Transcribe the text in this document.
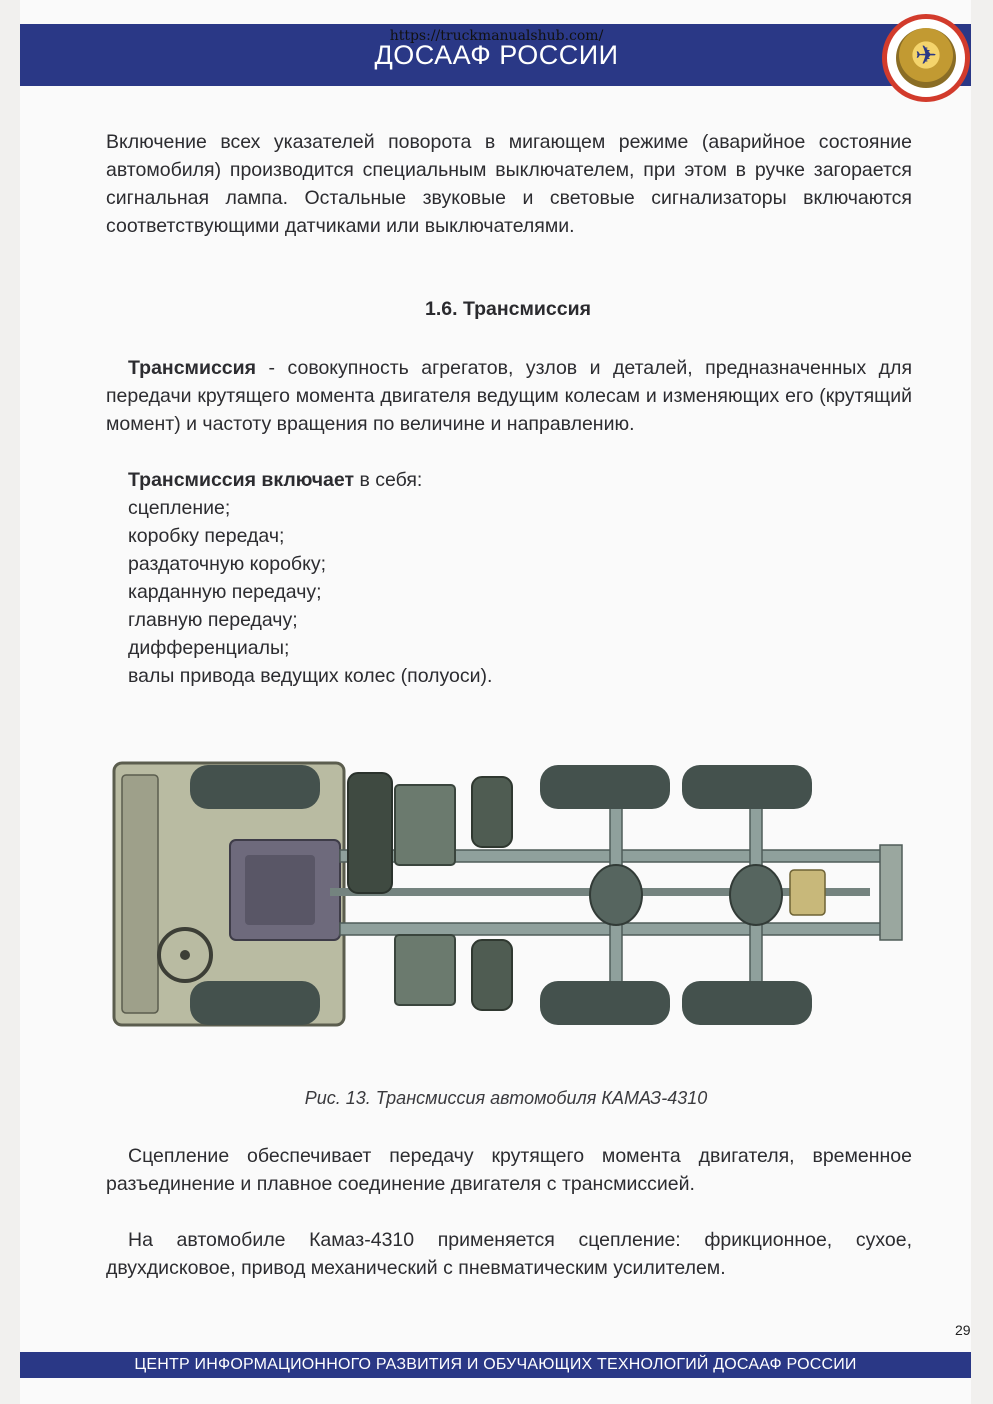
https://truckmanualshub.com/
ДОСААФ РОССИИ	✈
Включение всех указателей поворота в мигающем режиме (аварийное состояние автомобиля) производится специальным выключателем, при этом в ручке загорается сигнальная лампа. Остальные звуковые и световые сигнализаторы включаются соответствующими датчиками или выключателями.
1.6. Трансмиссия
Трансмиссия - совокупность агрегатов, узлов и деталей, предназначенных для передачи крутящего момента двигателя ведущим колесам и изменяющих его (крутящий момент) и частоту вращения по величине и направлению.
Трансмиссия включает в себя:
сцепление;
коробку передач;
раздаточную коробку;
карданную передачу;
главную передачу;
дифференциалы;
валы привода ведущих колес (полуоси).
Рис. 13. Трансмиссия автомобиля КАМАЗ-4310
Сцепление обеспечивает передачу крутящего момента двигателя, временное разъединение и плавное соединение двигателя с трансмиссией.
На автомобиле Камаз-4310 применяется сцепление: фрикционное, сухое, двухдисковое, привод механический с пневматическим усилителем.
29
ЦЕНТР ИНФОРМАЦИОННОГО РАЗВИТИЯ И ОБУЧАЮЩИХ ТЕХНОЛОГИЙ ДОСААФ РОССИИ
